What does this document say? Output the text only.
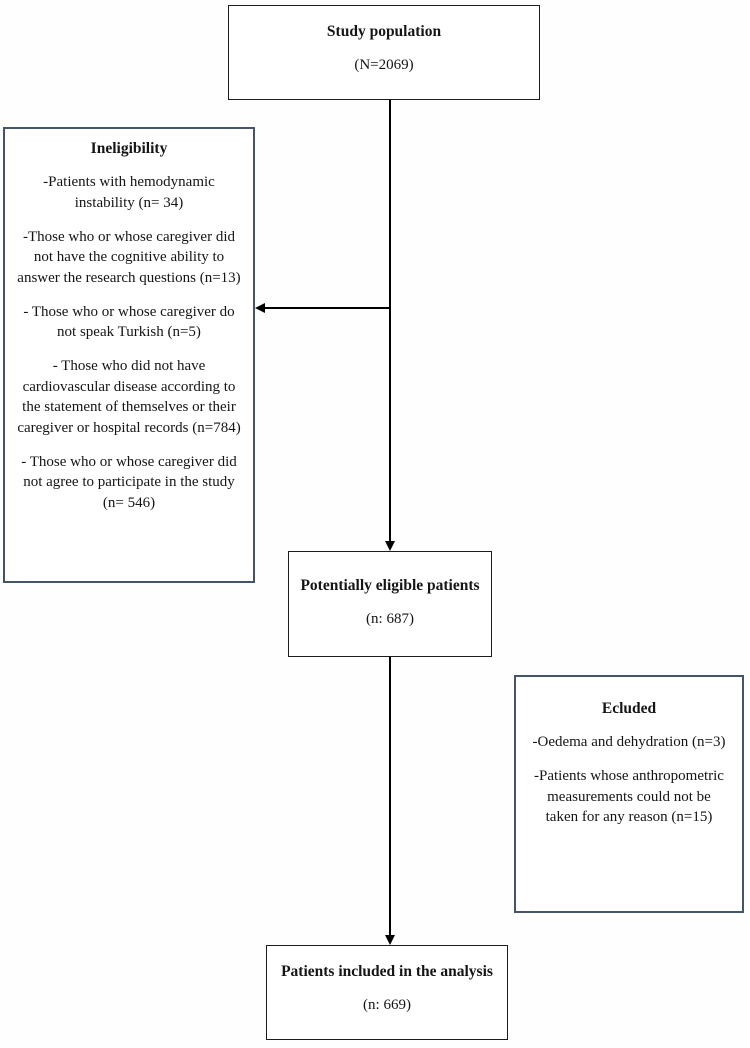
Study population
(N=2069)
Ineligibility
-Patients with hemodynamic instability (n= 34)
-Those who or whose caregiver did not have the cognitive ability to answer the research questions (n=13)
- Those who or whose caregiver do not speak Turkish (n=5)
- Those who did not have cardiovascular disease according to the statement of themselves or their caregiver or hospital records (n=784)
- Those who or whose caregiver did not agree to participate in the study (n= 546)
Potentially eligible patients
(n: 687)
Ecluded
-Oedema and dehydration (n=3)
-Patients whose anthropometric measurements could not be taken for any reason (n=15)
Patients included in the analysis
(n: 669)
